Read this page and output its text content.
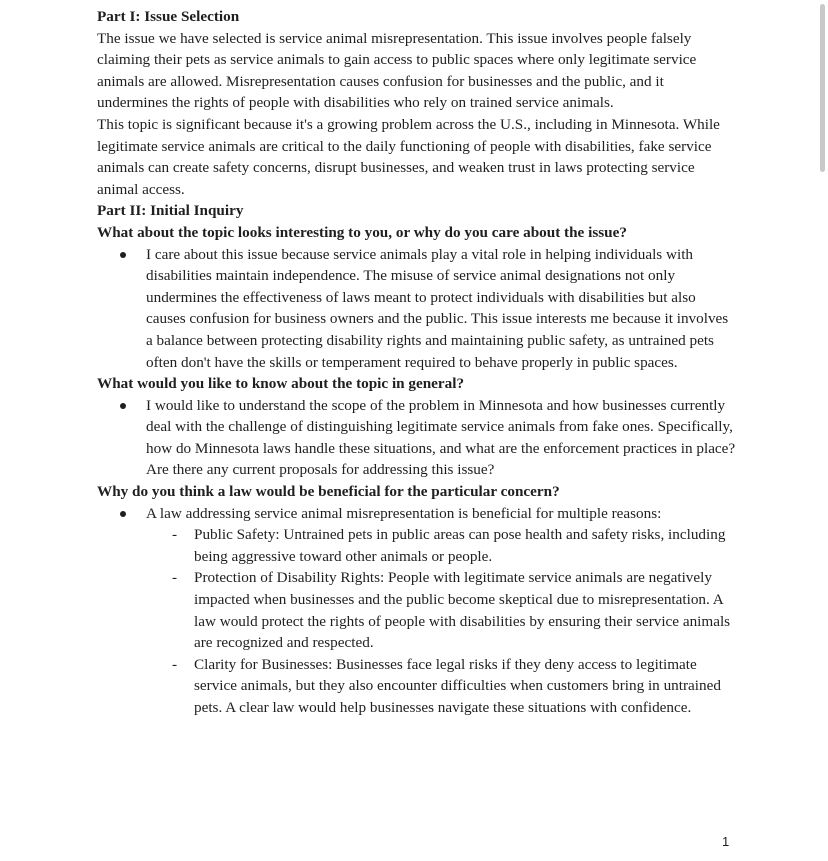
Part I: Issue Selection

The issue we have selected is service animal misrepresentation. This issue involves people falsely claiming their pets as service animals to gain access to public spaces where only legitimate service animals are allowed. Misrepresentation causes confusion for businesses and the public, and it undermines the rights of people with disabilities who rely on trained service animals.

This topic is significant because it's a growing problem across the U.S., including in Minnesota. While legitimate service animals are critical to the daily functioning of people with disabilities, fake service animals can create safety concerns, disrupt businesses, and weaken trust in laws protecting service animal access.

Part II: Initial Inquiry
What about the topic looks interesting to you, or why do you care about the issue?
I care about this issue because service animals play a vital role in helping individuals with disabilities maintain independence. The misuse of service animal designations not only undermines the effectiveness of laws meant to protect individuals with disabilities but also causes confusion for business owners and the public. This issue interests me because it involves a balance between protecting disability rights and maintaining public safety, as untrained pets often don't have the skills or temperament required to behave properly in public spaces.
What would you like to know about the topic in general?
I would like to understand the scope of the problem in Minnesota and how businesses currently deal with the challenge of distinguishing legitimate service animals from fake ones. Specifically, how do Minnesota laws handle these situations, and what are the enforcement practices in place? Are there any current proposals for addressing this issue?
Why do you think a law would be beneficial for the particular concern?
A law addressing service animal misrepresentation is beneficial for multiple reasons:
- Public Safety: Untrained pets in public areas can pose health and safety risks, including being aggressive toward other animals or people.
- Protection of Disability Rights: People with legitimate service animals are negatively impacted when businesses and the public become skeptical due to misrepresentation. A law would protect the rights of people with disabilities by ensuring their service animals are recognized and respected.
- Clarity for Businesses: Businesses face legal risks if they deny access to legitimate service animals, but they also encounter difficulties when customers bring in untrained pets. A clear law would help businesses navigate these situations with confidence.
1
